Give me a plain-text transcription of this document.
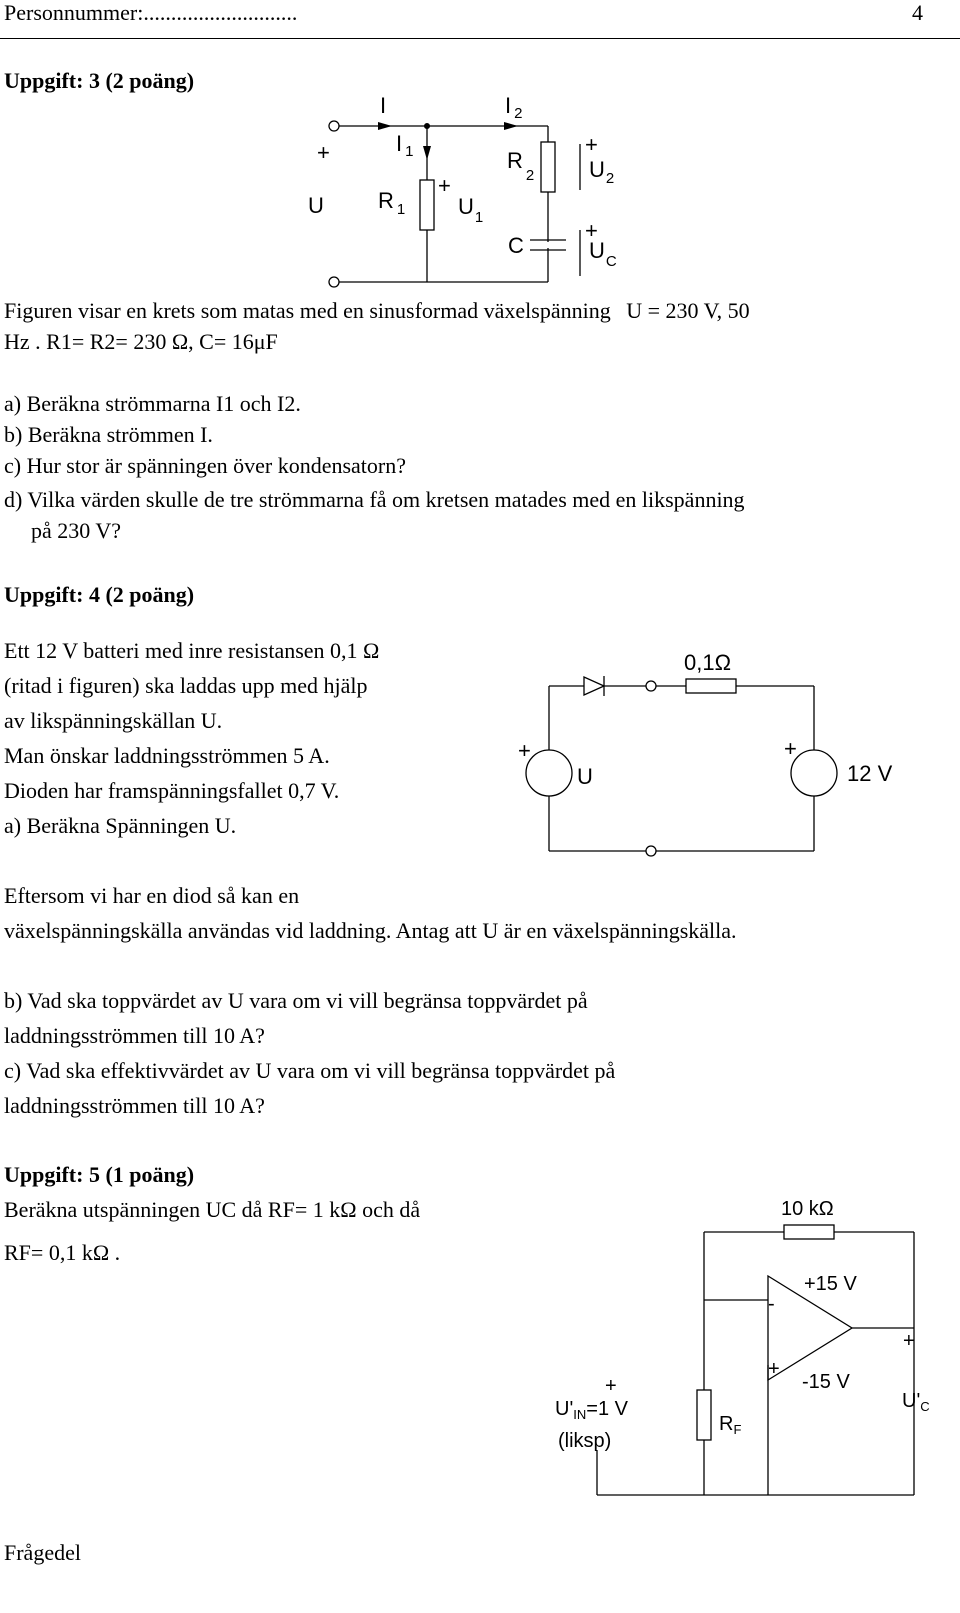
Personnummer:............................	4
Uppgift: 3 (2 poäng)
I	I $_2$
I $_1$
+
U R $_1$
+
$U_1$
$R_2$
+
$U_2$
C
+
$U_C$
Figuren visar en krets som matas med en sinusformad växelspänning U = 230 V, 50
Hz . R1= R2= 230 Ω, C= 16μF
a) Beräkna strömmarna I1 och I2.
b) Beräkna strömmen I.
c) Hur stor är spänningen över kondensatorn?
d) Vilka värden skulle de tre strömmarna få om kretsen matades med en likspänning
på 230 V?
Uppgift: 4 (2 poäng)
Ett 12 V batteri med inre resistansen 0,1 Ω
(ritad i figuren) ska laddas upp med hjälp
av likspänningskällan U.
Man önskar laddningsströmmen 5 A.
Dioden har framspänningsfallet 0,7 V.
a) Beräkna Spänningen U.
0,1Ω
+
U
+
12 V
Eftersom vi har en diod så kan en
växelspänningskälla användas vid laddning. Antag att U är en växelspänningskälla.
b) Vad ska toppvärdet av U vara om vi vill begränsa toppvärdet på
laddningsströmmen till 10 A?
c) Vad ska effektivvärdet av U vara om vi vill begränsa toppvärdet på
laddningsströmmen till 10 A?
Uppgift: 5 (1 poäng)
Beräkna utspänningen UC då RF= 1 kΩ och då
RF= 0,1 kΩ .
10 kΩ
+15 V
-15 V
-
+
+
$U'_C$
+
$U'_{IN}=1$ V
(liksp)
$R_F$
Frågedel
